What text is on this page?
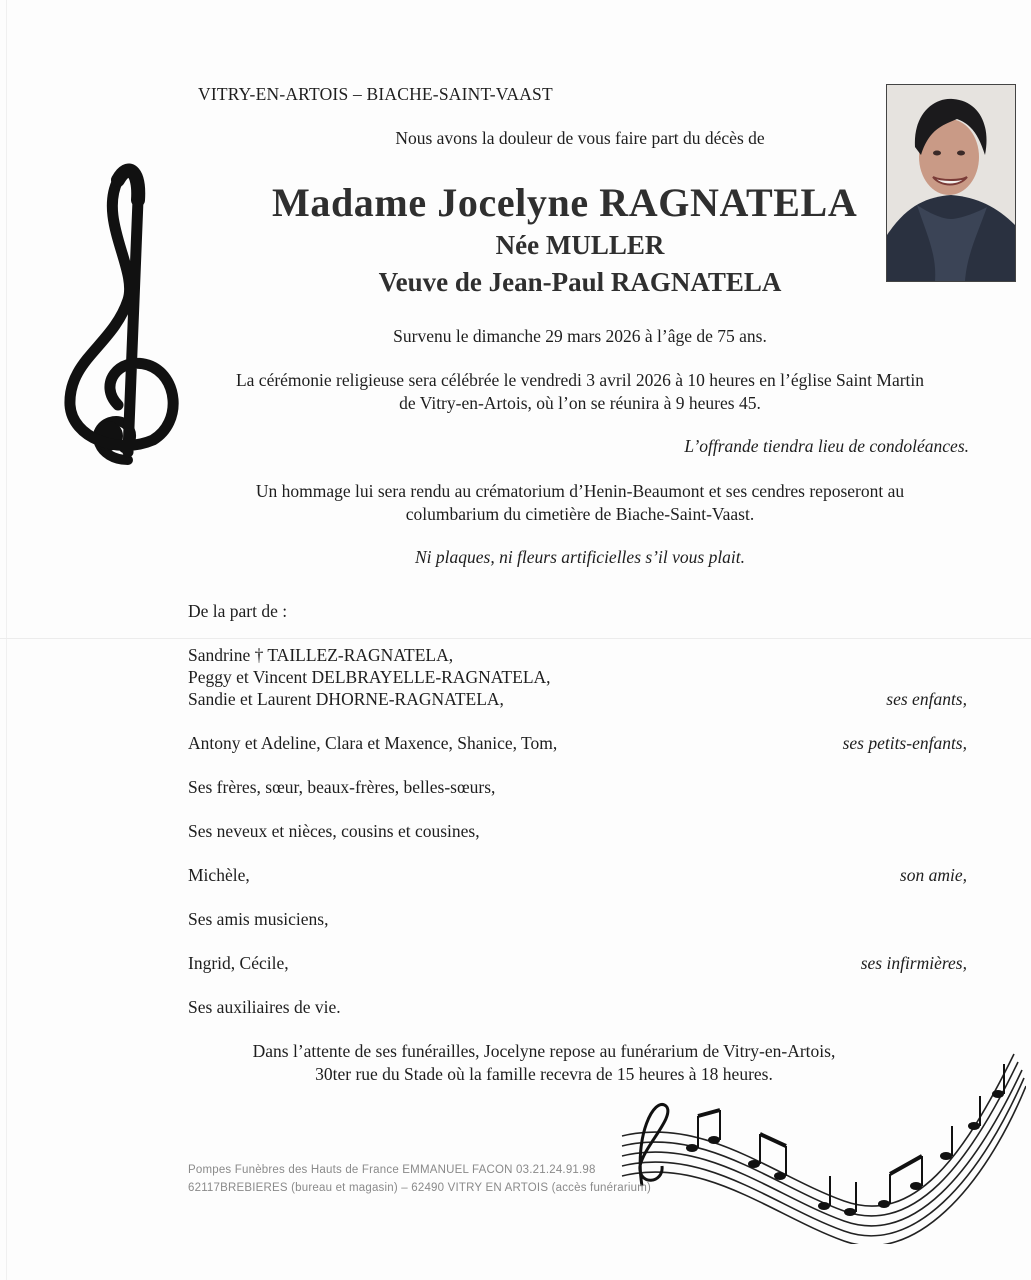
VITRY-EN-ARTOIS – BIACHE-SAINT-VAAST
Nous avons la douleur de vous faire part du décès de
Madame Jocelyne RAGNATELA
Née MULLER
Veuve de Jean-Paul RAGNATELA
Survenu le dimanche 29 mars 2026 à l’âge de 75 ans.
La cérémonie religieuse sera célébrée le vendredi 3 avril 2026 à 10 heures en l’église Saint Martin
de Vitry-en-Artois, où l’on se réunira à 9 heures 45.
L’offrande tiendra lieu de condoléances.
Un hommage lui sera rendu au crématorium d’Henin-Beaumont et ses cendres reposeront au
columbarium du cimetière de Biache-Saint-Vaast.
Ni plaques, ni fleurs artificielles s’il vous plait.
De la part de :
Sandrine † TAILLEZ-RAGNATELA,
Peggy et Vincent DELBRAYELLE-RAGNATELA,
Sandie et Laurent DHORNE-RAGNATELA,	ses enfants,
Antony et Adeline, Clara et Maxence, Shanice, Tom,	ses petits-enfants,
Ses frères, sœur, beaux-frères, belles-sœurs,
Ses neveux et nièces, cousins et cousines,
Michèle,	son amie,
Ses amis musiciens,
Ingrid, Cécile,	ses infirmières,
Ses auxiliaires de vie.
Dans l’attente de ses funérailles, Jocelyne repose au funérarium de Vitry-en-Artois,
30ter rue du Stade où la famille recevra de 15 heures à 18 heures.
Pompes Funèbres des Hauts de France EMMANUEL FACON 03.21.24.91.98
62117BREBIERES (bureau et magasin) – 62490 VITRY EN ARTOIS (accès funérarium)
